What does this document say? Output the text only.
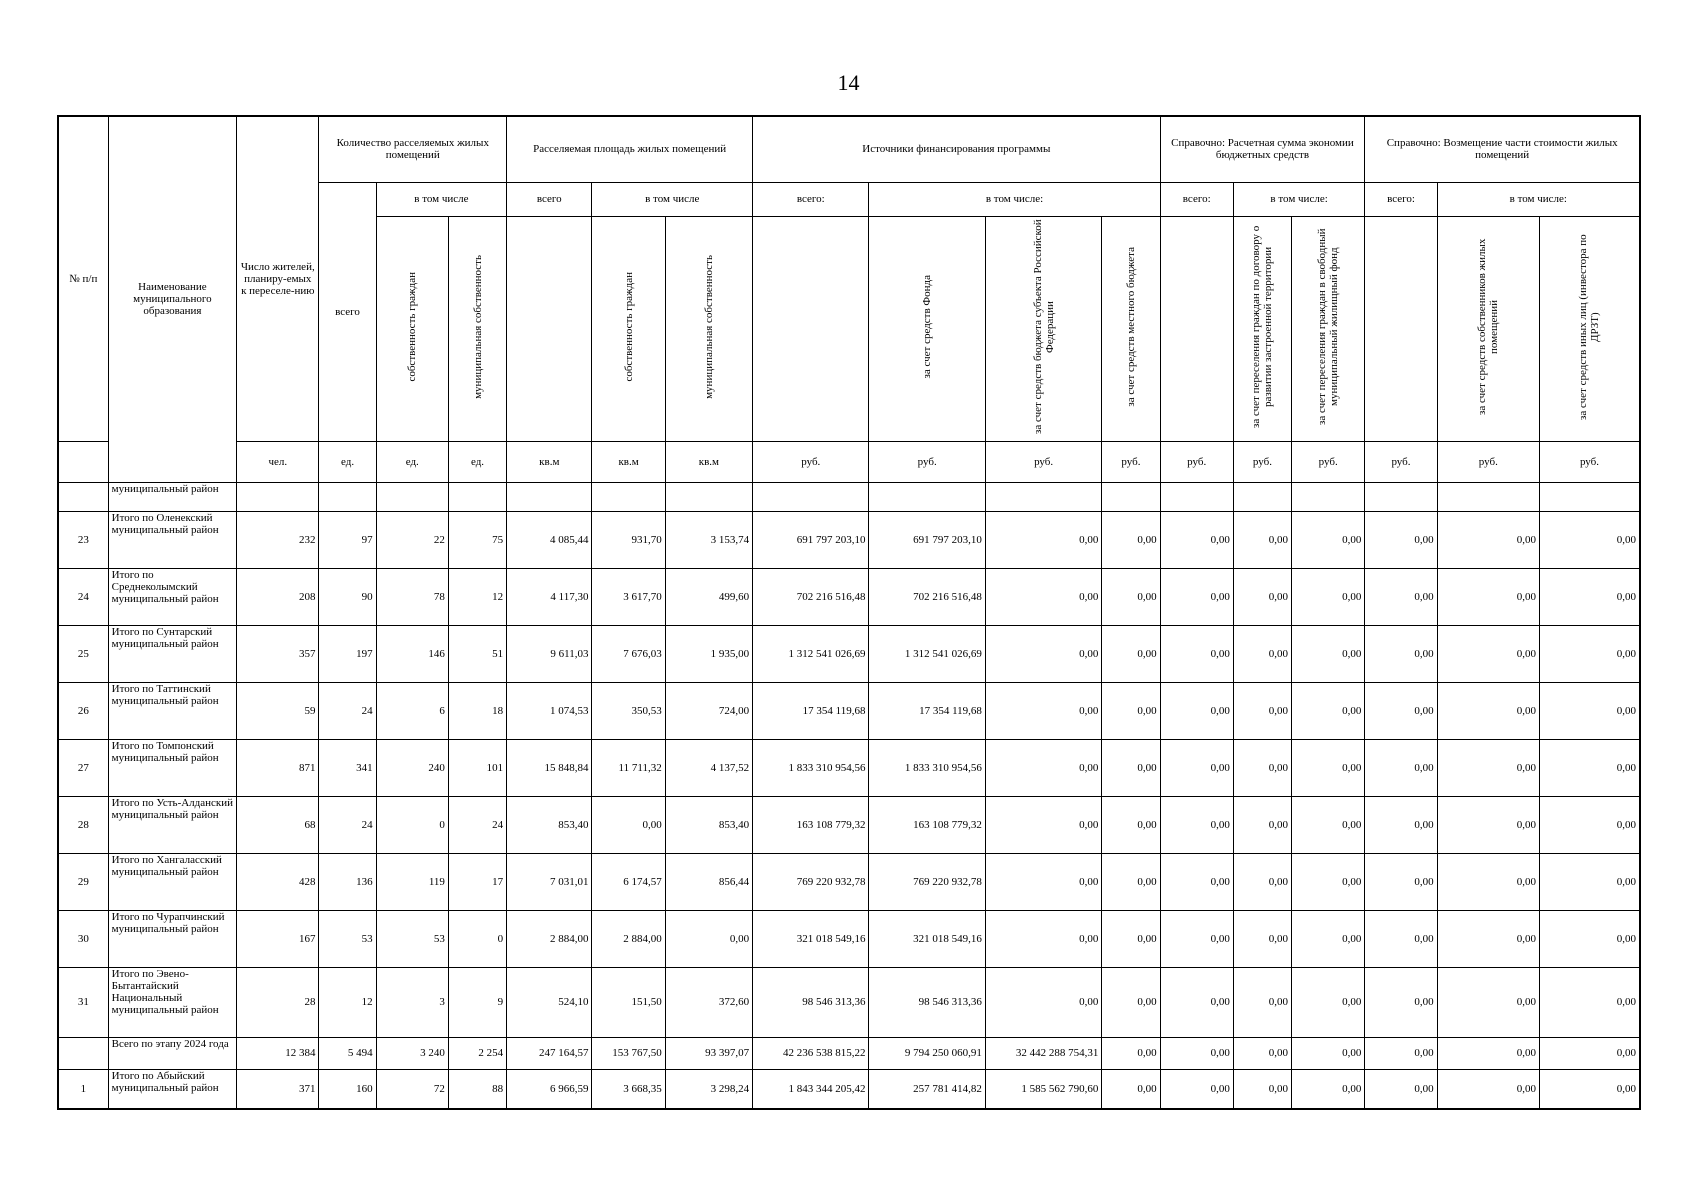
14
№ п/п	Наименование муниципального образования	Число жителей, планиру-емых к переселе-нию	Количество расселяемых жилых помещений			Расселяемая площадь жилых помещений			Источники финансирования программы				Справочно: Расчетная сумма экономии бюджетных средств			Справочно: Возмещение части стоимости жилых помещений		
			всего	в том числе		всего	в том числе		всего:	в том числе:			всего:	в том числе:		всего:	в том числе:	
				собственность граждан	муниципальная собственность		собственность граждан	муниципальная собственность		за счет средств Фонда	за счет средств бюджета субъекта Российской Федерации	за счет средств местного бюджета		за счет переселения граждан по договору о развитии застроенной территории	за счет переселения граждан в свободный муниципальный жилищный фонд		за счет средств собственников жилых помещений	за счет средств иных лиц (инвестора по ДРЗТ)
		чел.	ед.	ед.	ед.	кв.м	кв.м	кв.м	руб.	руб.	руб.	руб.	руб.	руб.	руб.	руб.	руб.	руб.
	муниципальный район																	
23	Итого по Оленекский муниципальный район	232	97	22	75	4 085,44	931,70	3 153,74	691 797 203,10	691 797 203,10	0,00	0,00	0,00	0,00	0,00	0,00	0,00	0,00
24	Итого по Среднеколымский муниципальный район	208	90	78	12	4 117,30	3 617,70	499,60	702 216 516,48	702 216 516,48	0,00	0,00	0,00	0,00	0,00	0,00	0,00	0,00
25	Итого по Сунтарский муниципальный район	357	197	146	51	9 611,03	7 676,03	1 935,00	1 312 541 026,69	1 312 541 026,69	0,00	0,00	0,00	0,00	0,00	0,00	0,00	0,00
26	Итого по Таттинский муниципальный район	59	24	6	18	1 074,53	350,53	724,00	17 354 119,68	17 354 119,68	0,00	0,00	0,00	0,00	0,00	0,00	0,00	0,00
27	Итого по Томпонский муниципальный район	871	341	240	101	15 848,84	11 711,32	4 137,52	1 833 310 954,56	1 833 310 954,56	0,00	0,00	0,00	0,00	0,00	0,00	0,00	0,00
28	Итого по Усть-Алданский муниципальный район	68	24	0	24	853,40	0,00	853,40	163 108 779,32	163 108 779,32	0,00	0,00	0,00	0,00	0,00	0,00	0,00	0,00
29	Итого по Хангаласский муниципальный район	428	136	119	17	7 031,01	6 174,57	856,44	769 220 932,78	769 220 932,78	0,00	0,00	0,00	0,00	0,00	0,00	0,00	0,00
30	Итого по Чурапчинский муниципальный район	167	53	53	0	2 884,00	2 884,00	0,00	321 018 549,16	321 018 549,16	0,00	0,00	0,00	0,00	0,00	0,00	0,00	0,00
31	Итого по Эвено-Бытантайский Национальный муниципальный район	28	12	3	9	524,10	151,50	372,60	98 546 313,36	98 546 313,36	0,00	0,00	0,00	0,00	0,00	0,00	0,00	0,00
	Всего по этапу 2024 года	12 384	5 494	3 240	2 254	247 164,57	153 767,50	93 397,07	42 236 538 815,22	9 794 250 060,91	32 442 288 754,31	0,00	0,00	0,00	0,00	0,00	0,00	0,00
1	Итого по Абыйский муниципальный район	371	160	72	88	6 966,59	3 668,35	3 298,24	1 843 344 205,42	257 781 414,82	1 585 562 790,60	0,00	0,00	0,00	0,00	0,00	0,00	0,00
